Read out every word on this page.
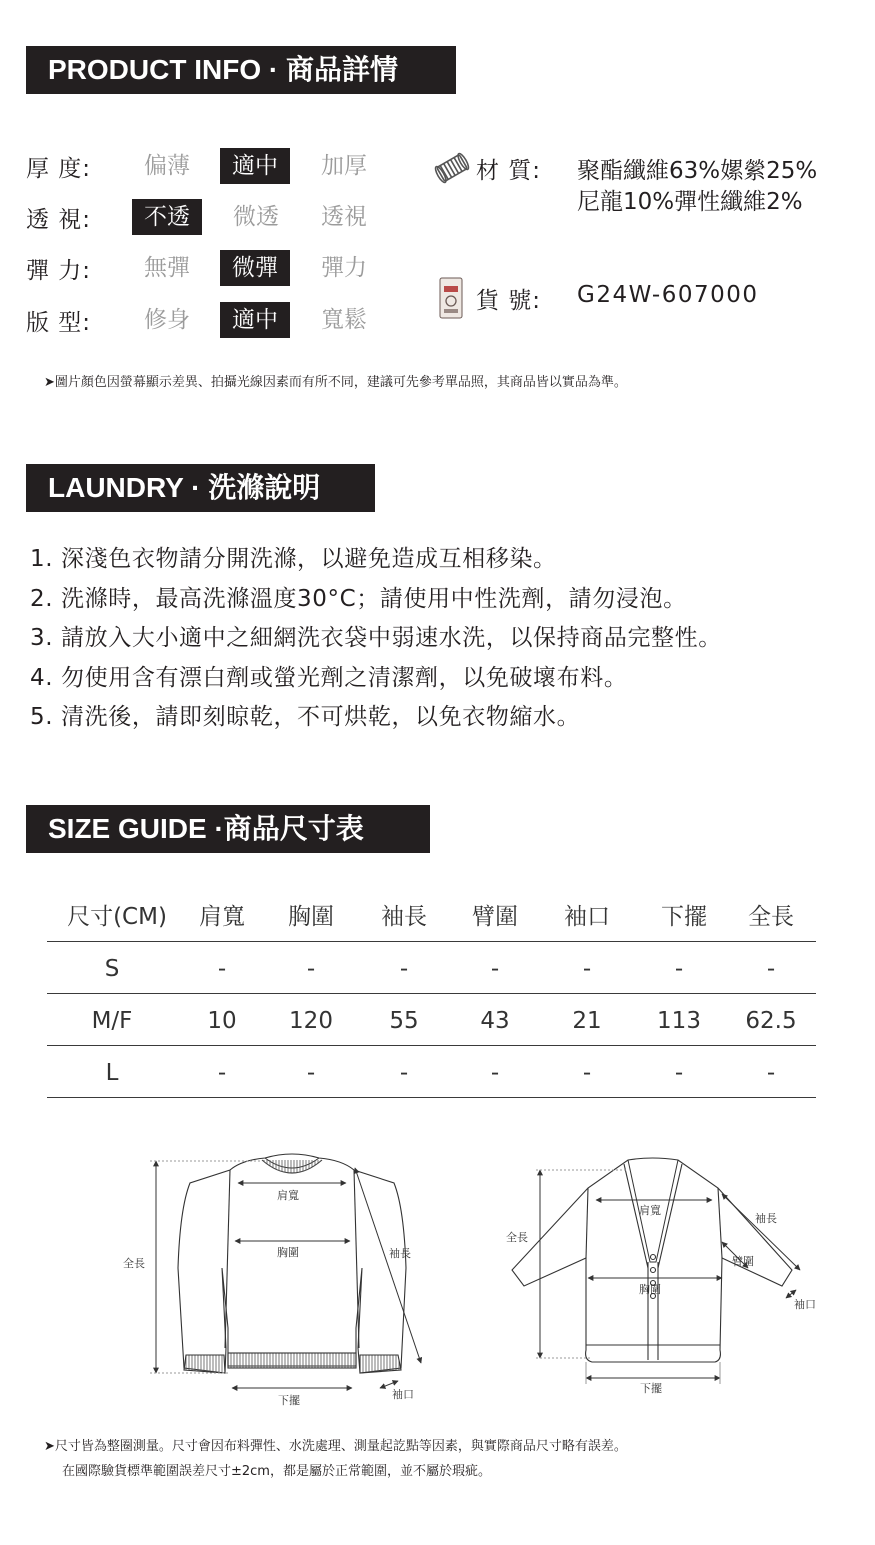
PRODUCT INFO · 商品詳情
厚 度:	偏薄	適中	加厚
透 視:	不透	微透	透視
彈 力:	無彈	微彈	彈力
版 型:	修身	適中	寬鬆
材 質: 聚酯纖維63%嫘縈25%
尼龍10%彈性纖維2%
貨 號: G24W-607000
➤圖片顏色因螢幕顯示差異、拍攝光線因素而有所不同，建議可先參考單品照，其商品皆以實品為準。
LAUNDRY · 洗滌說明
1. 深淺色衣物請分開洗滌，以避免造成互相移染。
2. 洗滌時，最高洗滌溫度30°C；請使用中性洗劑，請勿浸泡。
3. 請放入大小適中之細網洗衣袋中弱速水洗，以保持商品完整性。
4. 勿使用含有漂白劑或螢光劑之清潔劑，以免破壞布料。
5. 清洗後，請即刻晾乾，不可烘乾，以免衣物縮水。
SIZE GUIDE ·商品尺寸表
尺寸(CM)	肩寬	胸圍	袖長	臂圍	袖口	下擺	全長
S	-	-	-	-	-	-	-
M/F	10	120	55	43	21	113	62.5
L	-	-	-	-	-	-	-
肩寬
胸圍
全長
袖長
下擺	袖口
肩寬
胸圍
全長
袖長
臂圍
袖口
下擺
➤尺寸皆為整圈測量。尺寸會因布料彈性、水洗處理、測量起訖點等因素，與實際商品尺寸略有誤差。
在國際驗貨標準範圍誤差尺寸±2cm，都是屬於正常範圍，並不屬於瑕疵。
